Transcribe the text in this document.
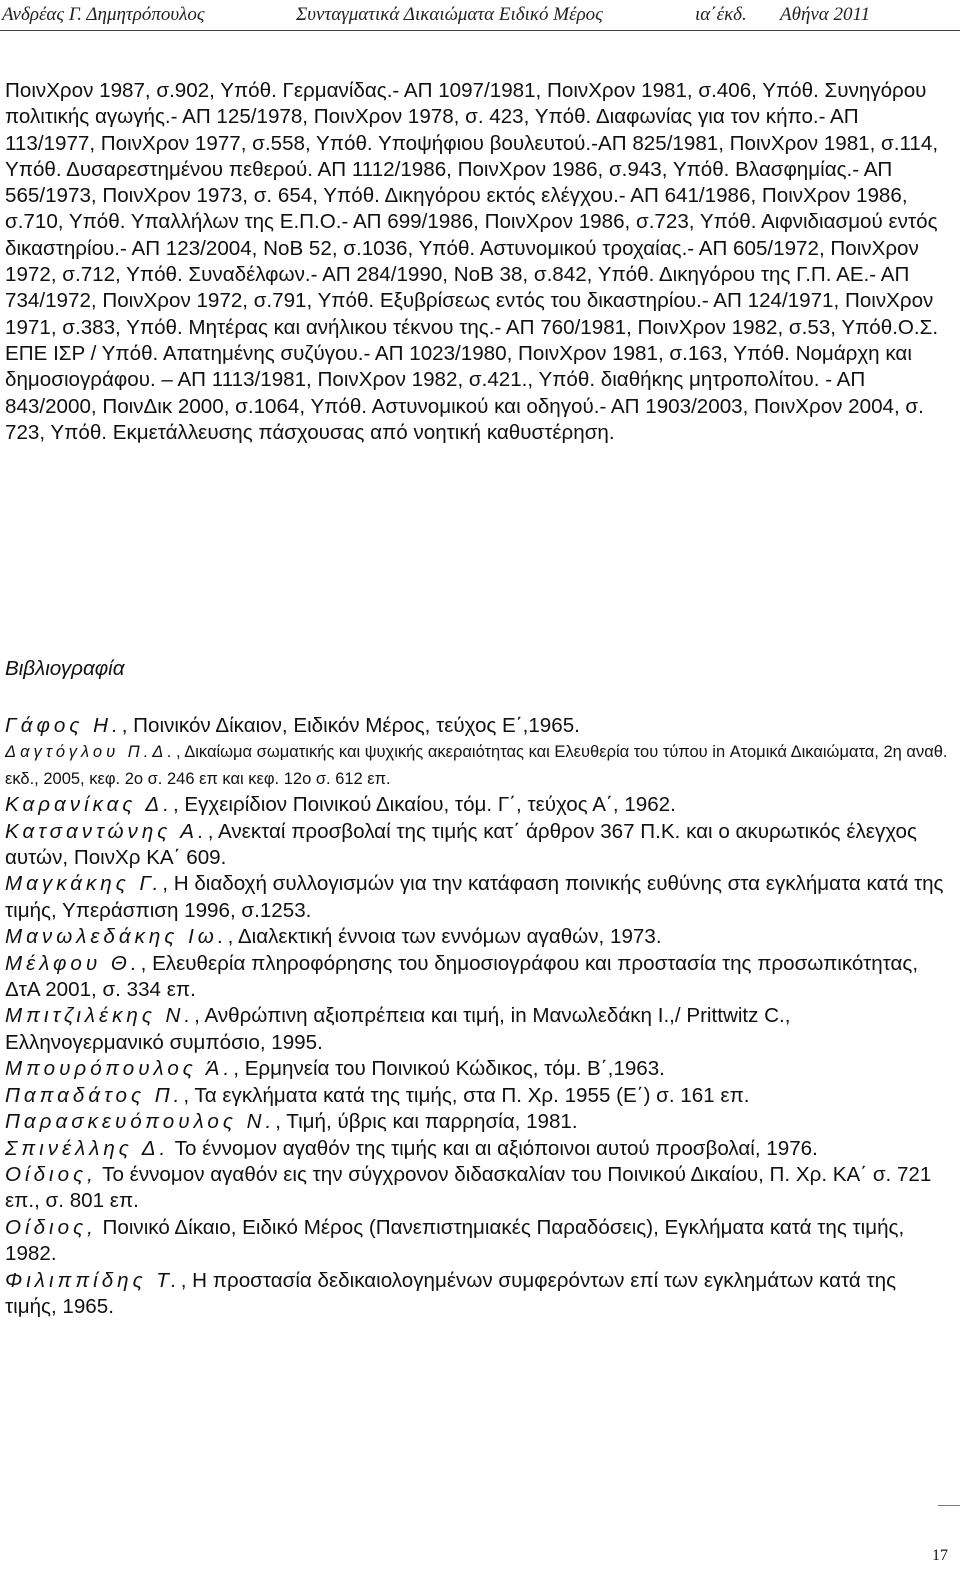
Ανδρέας Γ. Δημητρόπουλος	Συνταγματικά Δικαιώματα Ειδικό Μέρος	ια΄έκδ. Αθήνα 2011

ΠοινΧρον 1987, σ.902, Υπόθ. Γερμανίδας.- ΑΠ 1097/1981, ΠοινΧρον 1981, σ.406, Υπόθ. Συνηγόρου πολιτικής αγωγής.- ΑΠ 125/1978, ΠοινΧρον 1978, σ. 423, Υπόθ. Διαφωνίας για τον κήπο.- ΑΠ 113/1977, ΠοινΧρον 1977, σ.558, Υπόθ. Υποψήφιου βουλευτού.-ΑΠ 825/1981, ΠοινΧρον 1981, σ.114, Υπόθ. Δυσαρεστημένου πεθερού. ΑΠ 1112/1986, ΠοινΧρον 1986, σ.943, Υπόθ. Βλασφημίας.- ΑΠ 565/1973, ΠοινΧρον 1973, σ. 654, Υπόθ. Δικηγόρου εκτός ελέγχου.- ΑΠ 641/1986, ΠοινΧρον 1986, σ.710, Υπόθ. Υπαλλήλων της Ε.Π.Ο.- ΑΠ 699/1986, ΠοινΧρον 1986, σ.723, Υπόθ. Αιφνιδιασμού εντός δικαστηρίου.- ΑΠ 123/2004, ΝοΒ 52, σ.1036, Υπόθ. Αστυνομικού τροχαίας.- ΑΠ 605/1972, ΠοινΧρον 1972, σ.712, Υπόθ. Συναδέλφων.- ΑΠ 284/1990, ΝοΒ 38, σ.842, Υπόθ. Δικηγόρου της Γ.Π. ΑΕ.- ΑΠ 734/1972, ΠοινΧρον 1972, σ.791, Υπόθ. Εξυβρίσεως εντός του δικαστηρίου.- ΑΠ 124/1971, ΠοινΧρον 1971, σ.383, Υπόθ. Μητέρας και ανήλικου τέκνου της.- ΑΠ 760/1981, ΠοινΧρον 1982, σ.53, Υπόθ.Ο.Σ. ΕΠΕ ΙΣΡ / Υπόθ. Απατημένης συζύγου.- ΑΠ 1023/1980, ΠοινΧρον 1981, σ.163, Υπόθ. Νομάρχη και δημοσιογράφου. – ΑΠ 1113/1981, ΠοινΧρον 1982, σ.421., Υπόθ. διαθήκης μητροπολίτου. - ΑΠ 843/2000, ΠοινΔικ 2000, σ.1064, Υπόθ. Αστυνομικού και οδηγού.- ΑΠ 1903/2003, ΠοινΧρον 2004, σ. 723, Υπόθ. Εκμετάλλευσης πάσχουσας από νοητική καθυστέρηση.

Βιβλιογραφία

Γάφος Η., Ποινικόν Δίκαιον, Ειδικόν Μέρος, τεύχος Ε΄,1965.

Δαγτόγλου Π.Δ., Δικαίωμα σωματικής και ψυχικής ακεραιότητας και Ελευθερία του τύπου in Ατομικά Δικαιώματα, 2η αναθ. εκδ., 2005, κεφ. 2ο σ. 246 επ και κεφ. 12ο σ. 612 επ.

Καρανίκας Δ., Εγχειρίδιον Ποινικού Δικαίου, τόμ. Γ΄, τεύχος Α΄, 1962.

Κατσαντώνης Α., Ανεκταί προσβολαί της τιμής κατ΄ άρθρον 367 Π.Κ. και ο ακυρωτικός έλεγχος αυτών, ΠοινΧρ ΚΑ΄ 609.

Μαγκάκης Γ., Η διαδοχή συλλογισμών για την κατάφαση ποινικής ευθύνης στα εγκλήματα κατά της τιμής, Υπεράσπιση 1996, σ.1253.

Μανωλεδάκης Ιω., Διαλεκτική έννοια των εννόμων αγαθών, 1973.

Μέλφου Θ., Ελευθερία πληροφόρησης του δημοσιογράφου και προστασία της προσωπικότητας, ΔτΑ 2001, σ. 334 επ.

Μπιτζιλέκης Ν., Ανθρώπινη αξιοπρέπεια και τιμή, in Μανωλεδάκη Ι.,/ Prittwitz C., Ελληνογερμανικό συμπόσιο, 1995.

Μπουρόπουλος Ά., Ερμηνεία του Ποινικού Κώδικος, τόμ. Β΄,1963.

Παπαδάτος Π., Τα εγκλήματα κατά της τιμής, στα Π. Χρ. 1955 (Ε΄) σ. 161 επ.

Παρασκευόπουλος Ν., Τιμή, ύβρις και παρρησία, 1981.

Σπινέλλης Δ. Το έννομον αγαθόν της τιμής και αι αξιόποινοι αυτού προσβολαί, 1976.

Οίδιος, Το έννομον αγαθόν εις την σύγχρονον διδασκαλίαν του Ποινικού Δικαίου, Π. Χρ. ΚΑ΄ σ. 721 επ., σ. 801 επ.

Οίδιος, Ποινικό Δίκαιο, Ειδικό Μέρος (Πανεπιστημιακές Παραδόσεις), Εγκλήματα κατά της τιμής, 1982.

Φιλιππίδης Τ., Η προστασία δεδικαιολογημένων συμφερόντων επί των εγκλημάτων κατά της τιμής, 1965.

17
